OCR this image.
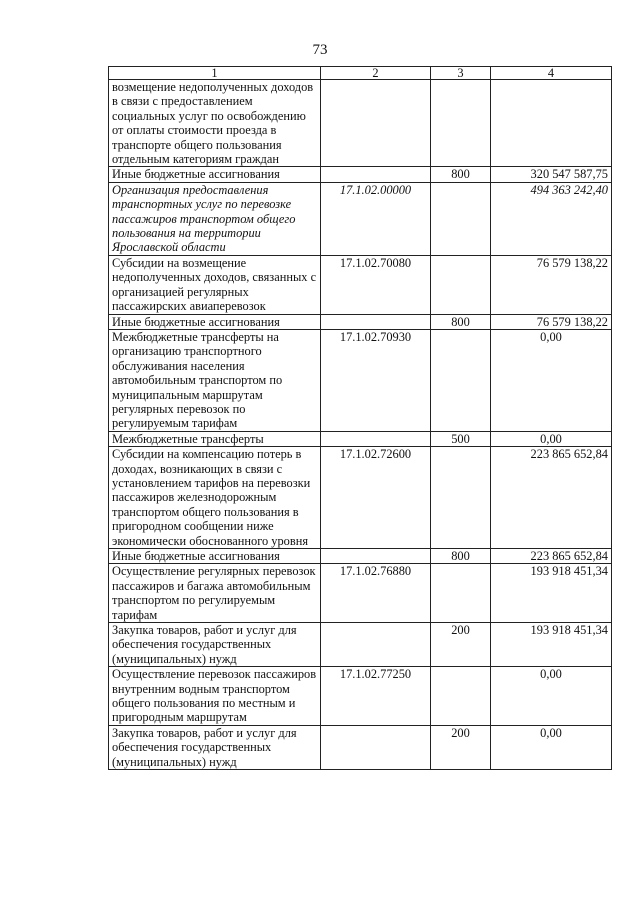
73
1	2	3	4
возмещение недополученных доходов в связи с предоставлением социальных услуг по освобождению от оплаты стоимости проезда в транспорте общего пользования отдельным категориям граждан			
Иные бюджетные ассигнования		800	320 547 587,75
Организация предоставления транспортных услуг по перевозке пассажиров транспортом общего пользования на территории Ярославской области	17.1.02.00000		494 363 242,40
Субсидии на возмещение недополученных доходов, связанных с организацией регулярных пассажирских авиаперевозок	17.1.02.70080		76 579 138,22
Иные бюджетные ассигнования		800	76 579 138,22
Межбюджетные трансферты на организацию транспортного обслуживания населения автомобильным транспортом по муниципальным маршрутам регулярных перевозок по регулируемым тарифам	17.1.02.70930		0,00
Межбюджетные трансферты		500	0,00
Субсидии на компенсацию потерь в доходах, возникающих в связи с установлением тарифов на перевозки пассажиров железнодорожным транспортом общего пользования в пригородном сообщении ниже экономически обоснованного уровня	17.1.02.72600		223 865 652,84
Иные бюджетные ассигнования		800	223 865 652,84
Осуществление регулярных перевозок пассажиров и багажа автомобильным транспортом по регулируемым тарифам	17.1.02.76880		193 918 451,34
Закупка товаров, работ и услуг для обеспечения государственных (муниципальных) нужд		200	193 918 451,34
Осуществление перевозок пассажиров внутренним водным транспортом общего пользования по местным и пригородным маршрутам	17.1.02.77250		0,00
Закупка товаров, работ и услуг для обеспечения государственных (муниципальных) нужд		200	0,00
